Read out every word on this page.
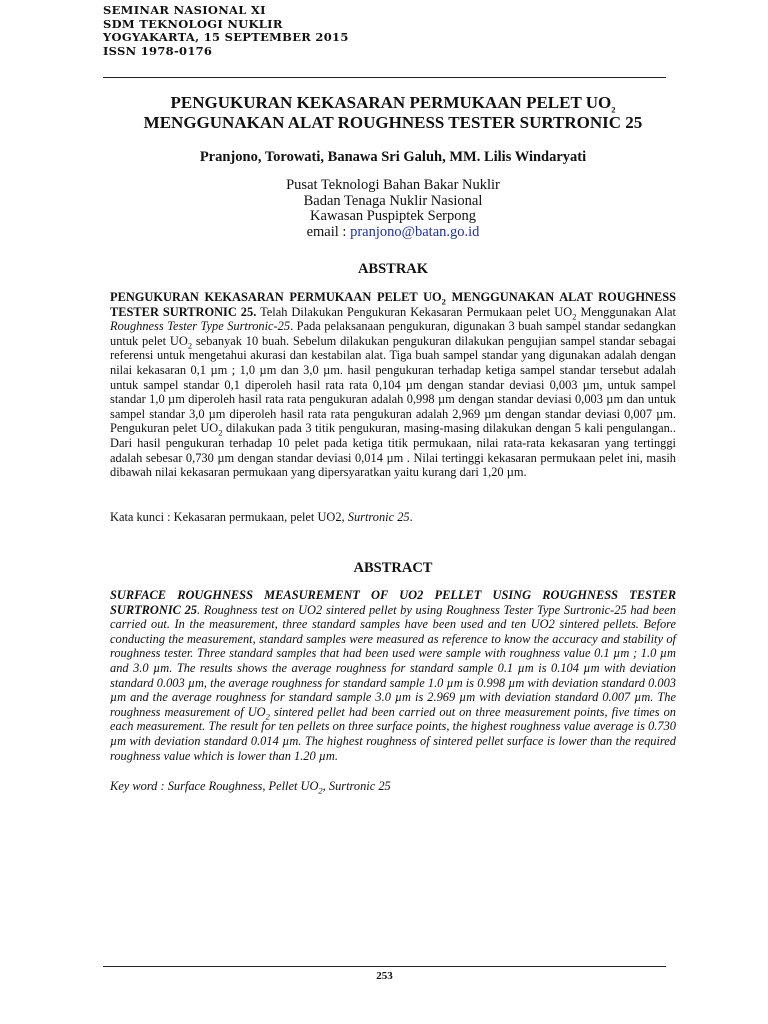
SEMINAR NASIONAL XI
SDM TEKNOLOGI NUKLIR
YOGYAKARTA, 15 SEPTEMBER 2015
ISSN 1978-0176
PENGUKURAN KEKASARAN PERMUKAAN PELET $UO_2$
MENGGUNAKAN ALAT ROUGHNESS TESTER SURTRONIC 25
Pranjono, Torowati, Banawa Sri Galuh, MM. Lilis Windaryati
Pusat Teknologi Bahan Bakar Nuklir
Badan Tenaga Nuklir Nasional
Kawasan Puspiptek Serpong
email : pranjono@batan.go.id
ABSTRAK
PENGUKURAN KEKASARAN PERMUKAAN PELET $UO_2$ MENGGUNAKAN ALAT ROUGHNESS TESTER SURTRONIC 25. Telah Dilakukan Pengukuran Kekasaran Permukaan pelet $UO_2$ Menggunakan Alat Roughness Tester Type Surtronic-25. Pada pelaksanaan pengukuran, digunakan 3 buah sampel standar sedangkan untuk pelet $UO_2$ sebanyak 10 buah. Sebelum dilakukan pengukuran dilakukan pengujian sampel standar sebagai referensi untuk mengetahui akurasi dan kestabilan alat. Tiga buah sampel standar yang digunakan adalah dengan nilai kekasaran 0,1 µm ; 1,0 µm dan 3,0 µm. hasil pengukuran terhadap ketiga sampel standar tersebut adalah untuk sampel standar 0,1 diperoleh hasil rata rata 0,104 µm dengan standar deviasi 0,003 µm, untuk sampel standar 1,0 µm diperoleh hasil rata rata pengukuran adalah 0,998 µm dengan standar deviasi 0,003 µm dan untuk sampel standar 3,0 µm diperoleh hasil rata rata pengukuran adalah 2,969 µm dengan standar deviasi 0,007 µm. Pengukuran pelet $UO_2$ dilakukan pada 3 titik pengukuran, masing-masing dilakukan dengan 5 kali pengulangan.. Dari hasil pengukuran terhadap 10 pelet pada ketiga titik permukaan, nilai rata-rata kekasaran yang tertinggi adalah sebesar 0,730 µm dengan standar deviasi 0,014 µm . Nilai tertinggi kekasaran permukaan pelet ini, masih dibawah nilai kekasaran permukaan yang dipersyaratkan yaitu kurang dari 1,20 µm.
Kata kunci : Kekasaran permukaan, pelet UO2, Surtronic 25.
ABSTRACT
SURFACE ROUGHNESS MEASUREMENT OF UO2 PELLET USING ROUGHNESS TESTER SURTRONIC 25. Roughness test on UO2 sintered pellet by using Roughness Tester Type Surtronic-25 had been carried out. In the measurement, three standard samples have been used and ten UO2 sintered pellets. Before conducting the measurement, standard samples were measured as reference to know the accuracy and stability of roughness tester. Three standard samples that had been used were sample with roughness value 0.1 µm ; 1.0 µm and 3.0 µm. The results shows the average roughness for standard sample 0.1 µm is 0.104 µm with deviation standard 0.003 µm, the average roughness for standard sample 1.0 µm is 0.998 µm with deviation standard 0.003 µm and the average roughness for standard sample 3.0 µm is 2.969 µm with deviation standard 0.007 µm. The roughness measurement of $UO_2$ sintered pellet had been carried out on three measurement points, five times on each measurement. The result for ten pellets on three surface points, the highest roughness value average is 0.730 µm with deviation standard 0.014 µm. The highest roughness of sintered pellet surface is lower than the required roughness value which is lower than 1.20 µm.
Key word : Surface Roughness, Pellet $UO_2$, Surtronic 25
253
